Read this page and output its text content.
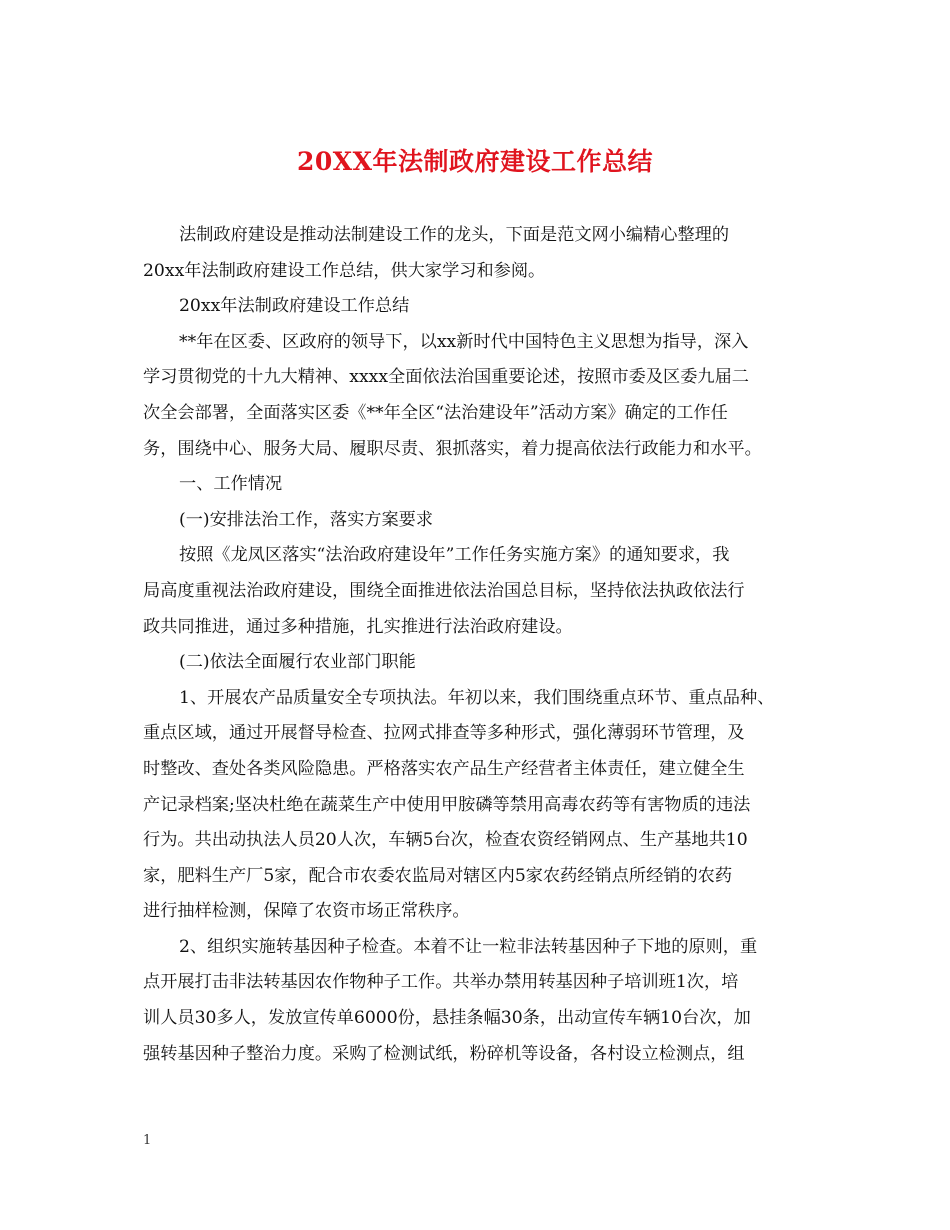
20XX年法制政府建设工作总结
法制政府建设是推动法制建设工作的龙头，下面是范文网小编精心整理的
20xx年法制政府建设工作总结，供大家学习和参阅。
20xx年法制政府建设工作总结
**年在区委、区政府的领导下，以xx新时代中国特色主义思想为指导，深入
学习贯彻党的十九大精神、xxxx全面依法治国重要论述，按照市委及区委九届二
次全会部署，全面落实区委《**年全区“法治建设年”活动方案》确定的工作任
务，围绕中心、服务大局、履职尽责、狠抓落实，着力提高依法行政能力和水平。
一、工作情况
(一)安排法治工作，落实方案要求
按照《龙凤区落实“法治政府建设年”工作任务实施方案》的通知要求，我
局高度重视法治政府建设，围绕全面推进依法治国总目标，坚持依法执政依法行
政共同推进，通过多种措施，扎实推进行法治政府建设。
(二)依法全面履行农业部门职能
1、开展农产品质量安全专项执法。年初以来，我们围绕重点环节、重点品种、
重点区域，通过开展督导检查、拉网式排查等多种形式，强化薄弱环节管理，及
时整改、查处各类风险隐患。严格落实农产品生产经营者主体责任，建立健全生
产记录档案;坚决杜绝在蔬菜生产中使用甲胺磷等禁用高毒农药等有害物质的违法
行为。共出动执法人员20人次，车辆5台次，检查农资经销网点、生产基地共10
家，肥料生产厂5家，配合市农委农监局对辖区内5家农药经销点所经销的农药
进行抽样检测，保障了农资市场正常秩序。
2、组织实施转基因种子检查。本着不让一粒非法转基因种子下地的原则，重
点开展打击非法转基因农作物种子工作。共举办禁用转基因种子培训班1次，培
训人员30多人，发放宣传单6000份，悬挂条幅30条，出动宣传车辆10台次，加
强转基因种子整治力度。采购了检测试纸，粉碎机等设备，各村设立检测点，组
1
